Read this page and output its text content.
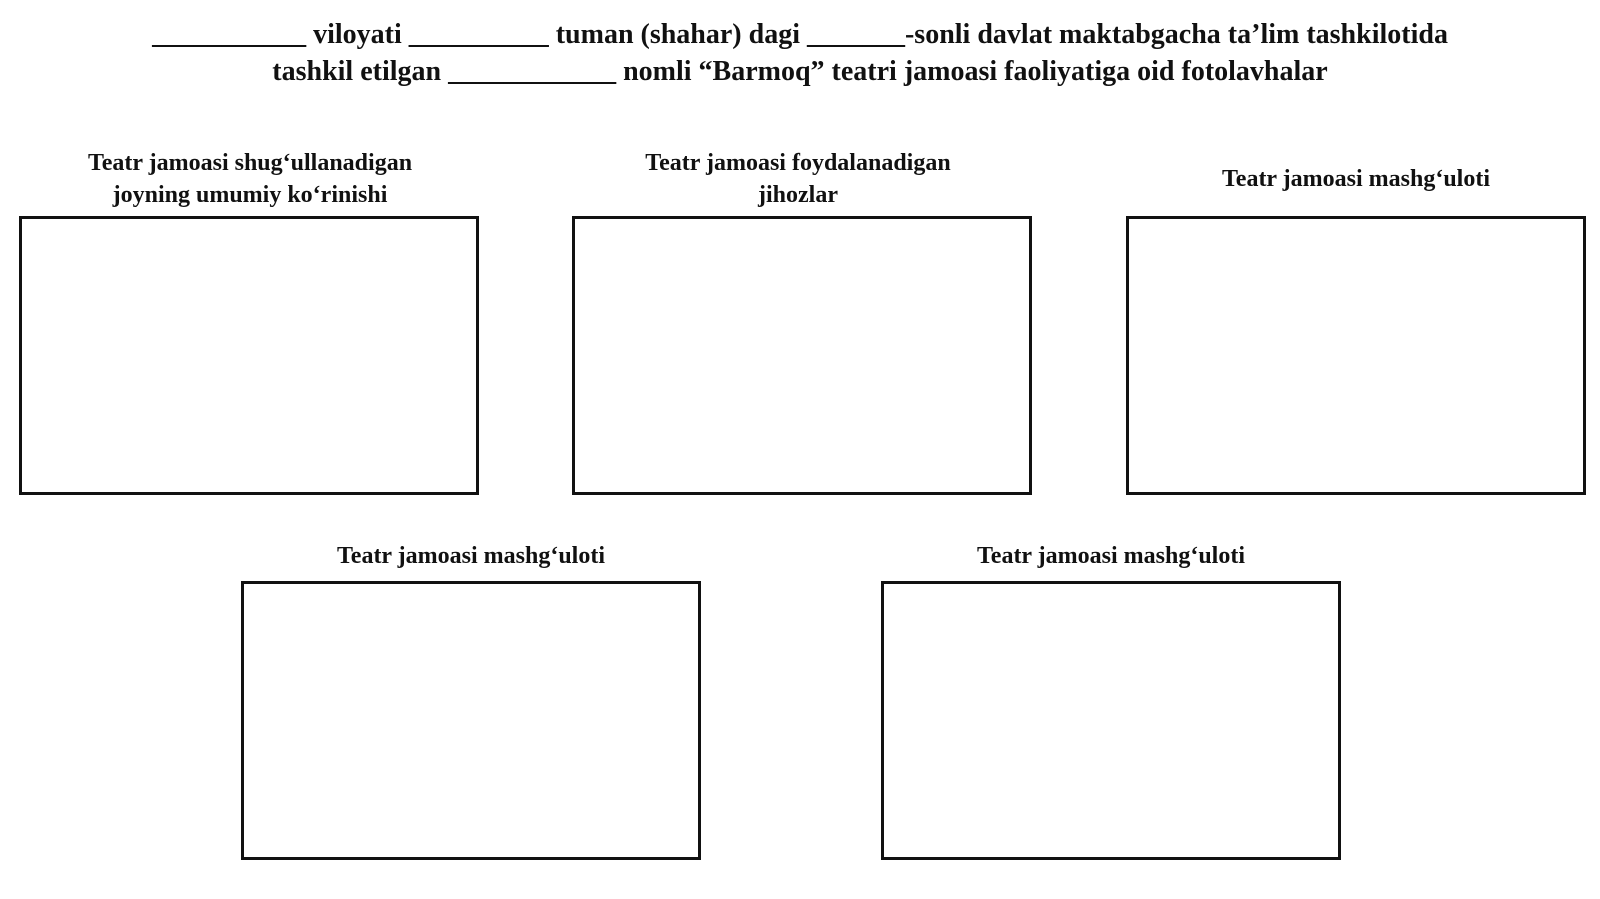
___________ viloyati __________ tuman (shahar) dagi _______-sonli davlat maktabgacha ta’lim tashkilotida
tashkil etilgan ____________ nomli “Barmoq” teatri jamoasi faoliyatiga oid fotolavhalar
Teatr jamoasi shug‘ullanadigan
joyning umumiy ko‘rinishi
Teatr jamoasi foydalanadigan
jihozlar
Teatr jamoasi mashg‘uloti
Teatr jamoasi mashg‘uloti	Teatr jamoasi mashg‘uloti
